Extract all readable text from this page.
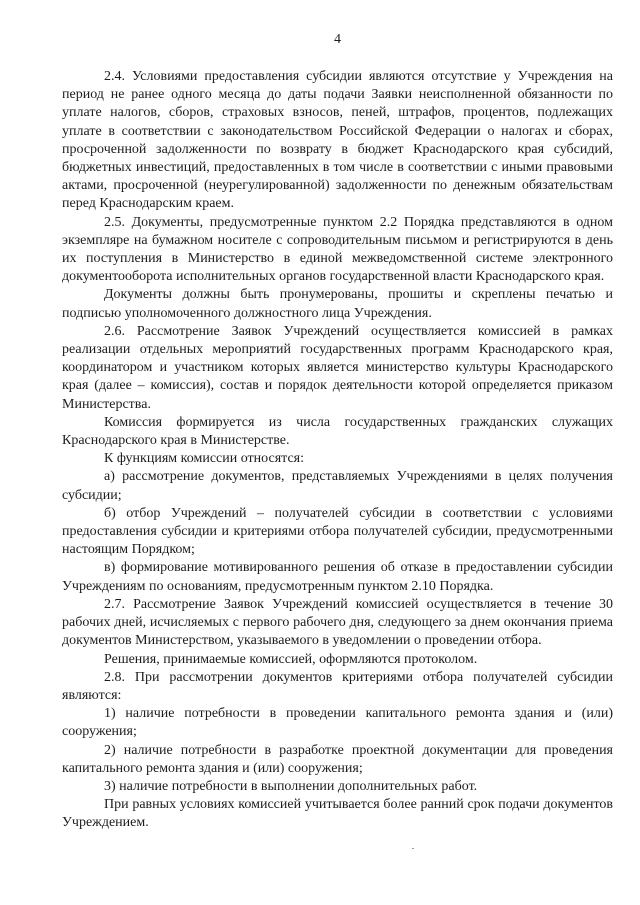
4

2.4. Условиями предоставления субсидии являются отсутствие у Учреждения на период не ранее одного месяца до даты подачи Заявки неисполненной обязанности по уплате налогов, сборов, страховых взносов, пеней, штрафов, процентов, подлежащих уплате в соответствии с законодательством Российской Федерации о налогах и сборах, просроченной задолженности по возврату в бюджет Краснодарского края субсидий, бюджетных инвестиций, предоставленных в том числе в соответствии с иными правовыми актами, просроченной (неурегулированной) задолженности по денежным обязательствам перед Краснодарским краем.

2.5. Документы, предусмотренные пунктом 2.2 Порядка представляются в одном экземпляре на бумажном носителе с сопроводительным письмом и регистрируются в день их поступления в Министерство в единой межведомственной системе электронного документооборота исполнительных органов государственной власти Краснодарского края.

Документы должны быть пронумерованы, прошиты и скреплены печатью и подписью уполномоченного должностного лица Учреждения.

2.6. Рассмотрение Заявок Учреждений осуществляется комиссией в рамках реализации отдельных мероприятий государственных программ Краснодарского края, координатором и участником которых является министерство культуры Краснодарского края (далее – комиссия), состав и порядок деятельности которой определяется приказом Министерства.

Комиссия формируется из числа государственных гражданских служащих Краснодарского края в Министерстве.

К функциям комиссии относятся:

а) рассмотрение документов, представляемых Учреждениями в целях получения субсидии;

б) отбор Учреждений – получателей субсидии в соответствии с условиями предоставления субсидии и критериями отбора получателей субсидии, предусмотренными настоящим Порядком;

в) формирование мотивированного решения об отказе в предоставлении субсидии Учреждениям по основаниям, предусмотренным пунктом 2.10 Порядка.

2.7. Рассмотрение Заявок Учреждений комиссией осуществляется в течение 30 рабочих дней, исчисляемых с первого рабочего дня, следующего за днем окончания приема документов Министерством, указываемого в уведомлении о проведении отбора.

Решения, принимаемые комиссией, оформляются протоколом.

2.8. При рассмотрении документов критериями отбора получателей субсидии являются:

1) наличие потребности в проведении капитального ремонта здания и (или) сооружения;

2) наличие потребности в разработке проектной документации для проведения капитального ремонта здания и (или) сооружения;

3) наличие потребности в выполнении дополнительных работ.

При равных условиях комиссией учитывается более ранний срок подачи документов Учреждением.
